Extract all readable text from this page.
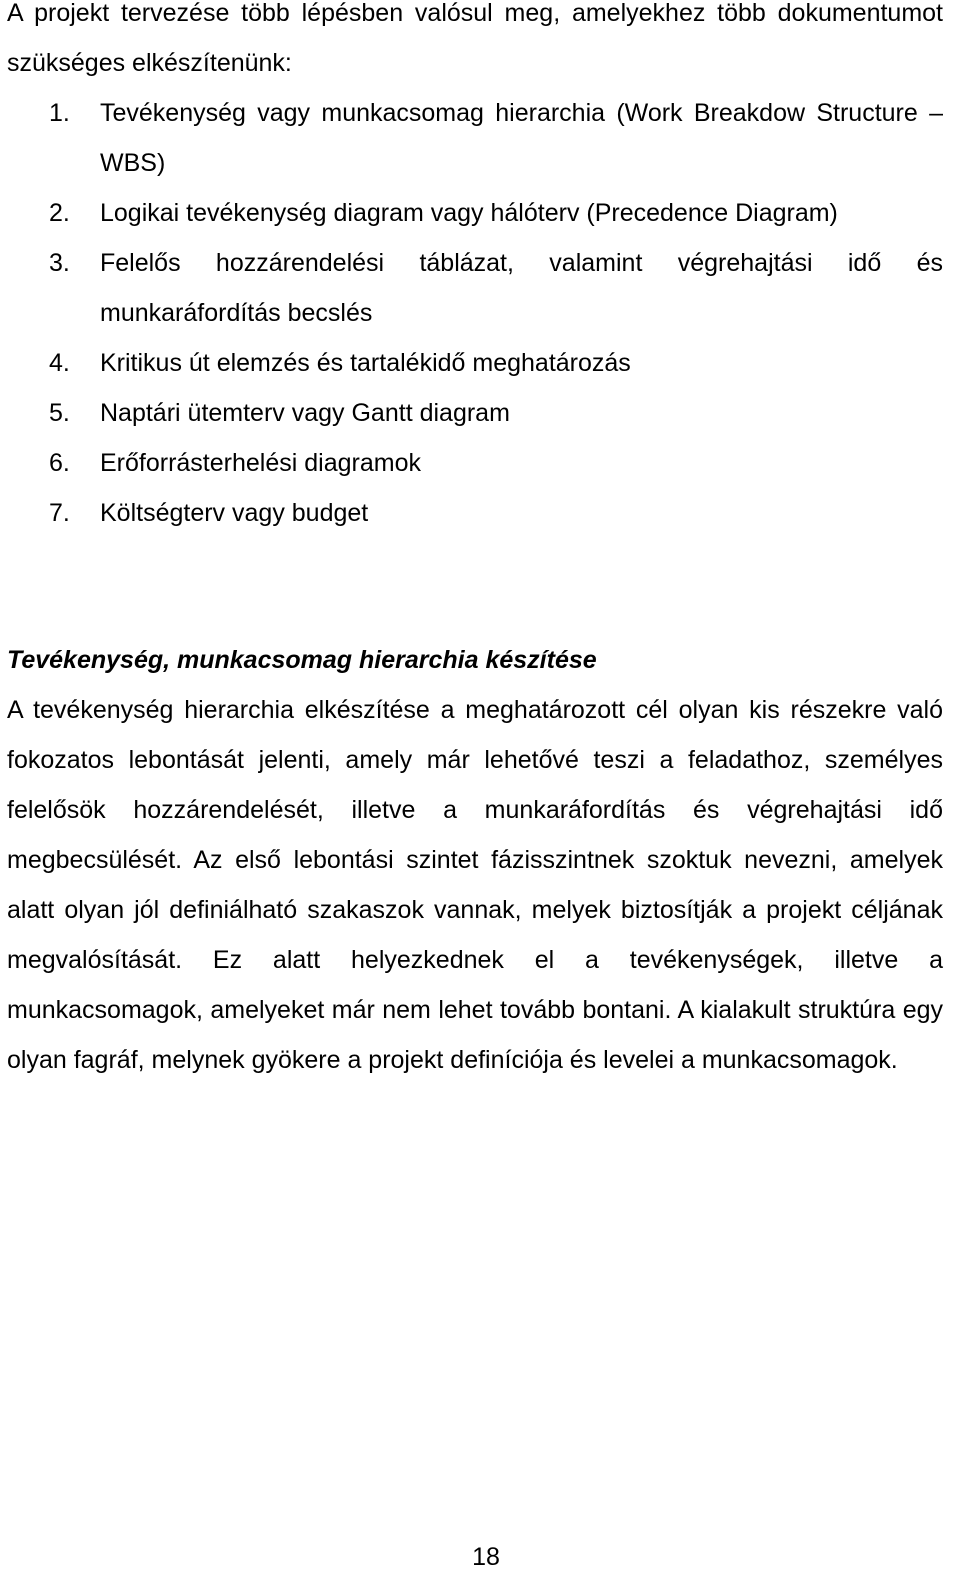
A projekt tervezése több lépésben valósul meg, amelyekhez több dokumentumot szükséges elkészítenünk:

1. Tevékenység vagy munkacsomag hierarchia (Work Breakdow Structure – WBS)
2. Logikai tevékenység diagram vagy hálóterv (Precedence Diagram)
3. Felelős hozzárendelési táblázat, valamint végrehajtási idő és munkaráfordítás becslés
4. Kritikus út elemzés és tartalékidő meghatározás
5. Naptári ütemterv vagy Gantt diagram
6. Erőforrásterhelési diagramok
7. Költségterv vagy budget
Tevékenység, munkacsomag hierarchia készítése

A tevékenység hierarchia elkészítése a meghatározott cél olyan kis részekre való fokozatos lebontását jelenti, amely már lehetővé teszi a feladathoz, személyes felelősök hozzárendelését, illetve a munkaráfordítás és végrehajtási idő megbecsülését. Az első lebontási szintet fázisszintnek szoktuk nevezni, amelyek alatt olyan jól definiálható szakaszok vannak, melyek biztosítják a projekt céljának megvalósítását. Ez alatt helyezkednek el a tevékenységek, illetve a munkacsomagok, amelyeket már nem lehet tovább bontani. A kialakult struktúra egy olyan fagráf, melynek gyökere a projekt definíciója és levelei a munkacsomagok.

18
